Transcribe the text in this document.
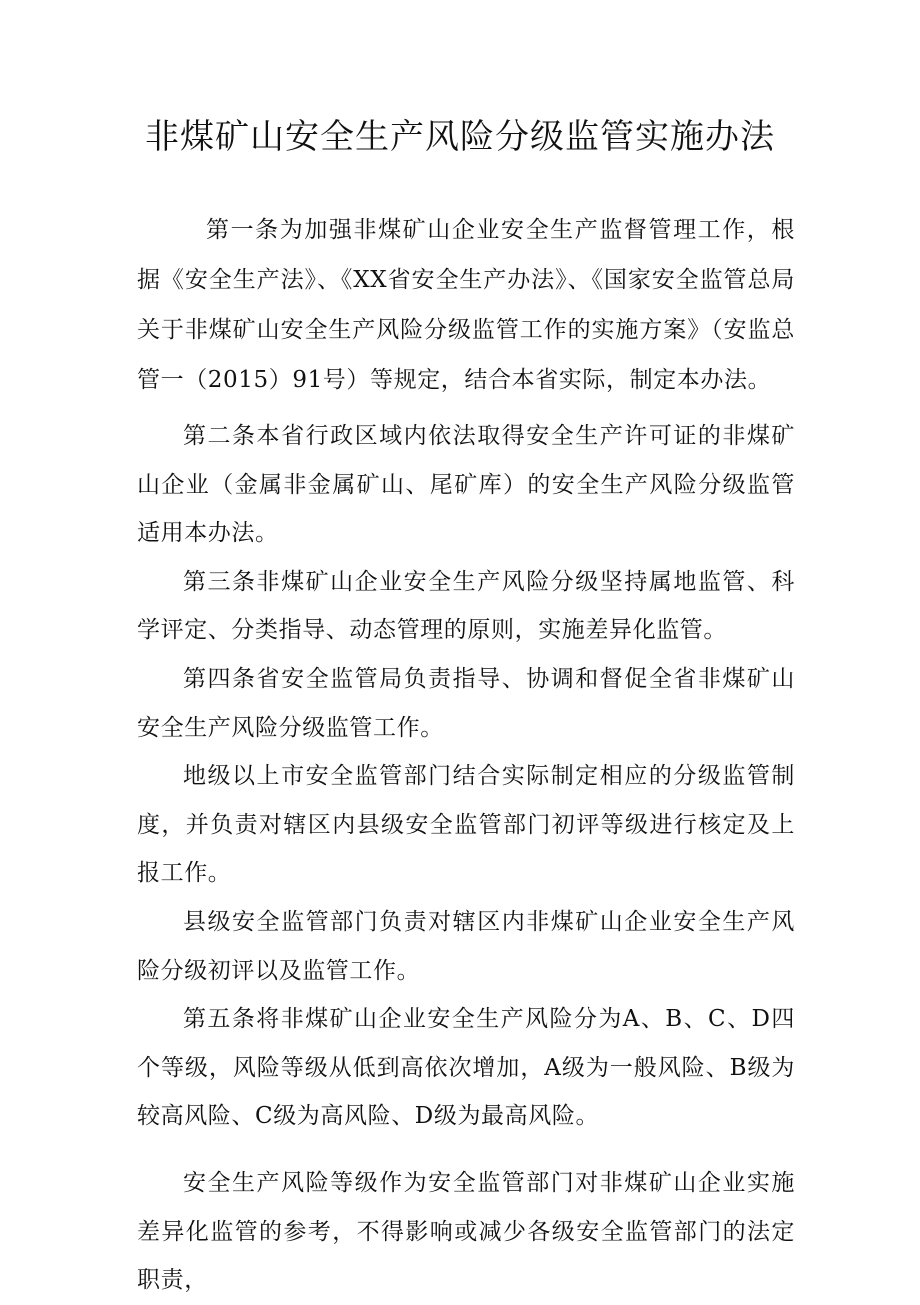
非煤矿山安全生产风险分级监管实施办法

第一条为加强非煤矿山企业安全生产监督管理工作，根据《安全生产法》、《XX省安全生产办法》、《国家安全监管总局关于非煤矿山安全生产风险分级监管工作的实施方案》（安监总管一（2015）91号）等规定，结合本省实际，制定本办法。

第二条本省行政区域内依法取得安全生产许可证的非煤矿山企业（金属非金属矿山、尾矿库）的安全生产风险分级监管适用本办法。

第三条非煤矿山企业安全生产风险分级坚持属地监管、科学评定、分类指导、动态管理的原则，实施差异化监管。

第四条省安全监管局负责指导、协调和督促全省非煤矿山安全生产风险分级监管工作。

地级以上市安全监管部门结合实际制定相应的分级监管制度，并负责对辖区内县级安全监管部门初评等级进行核定及上报工作。

县级安全监管部门负责对辖区内非煤矿山企业安全生产风险分级初评以及监管工作。

第五条将非煤矿山企业安全生产风险分为A、B、C、D四个等级，风险等级从低到高依次增加，A级为一般风险、B级为较高风险、C级为高风险、D级为最高风险。

安全生产风险等级作为安全监管部门对非煤矿山企业实施差异化监管的参考，不得影响或减少各级安全监管部门的法定职责，
